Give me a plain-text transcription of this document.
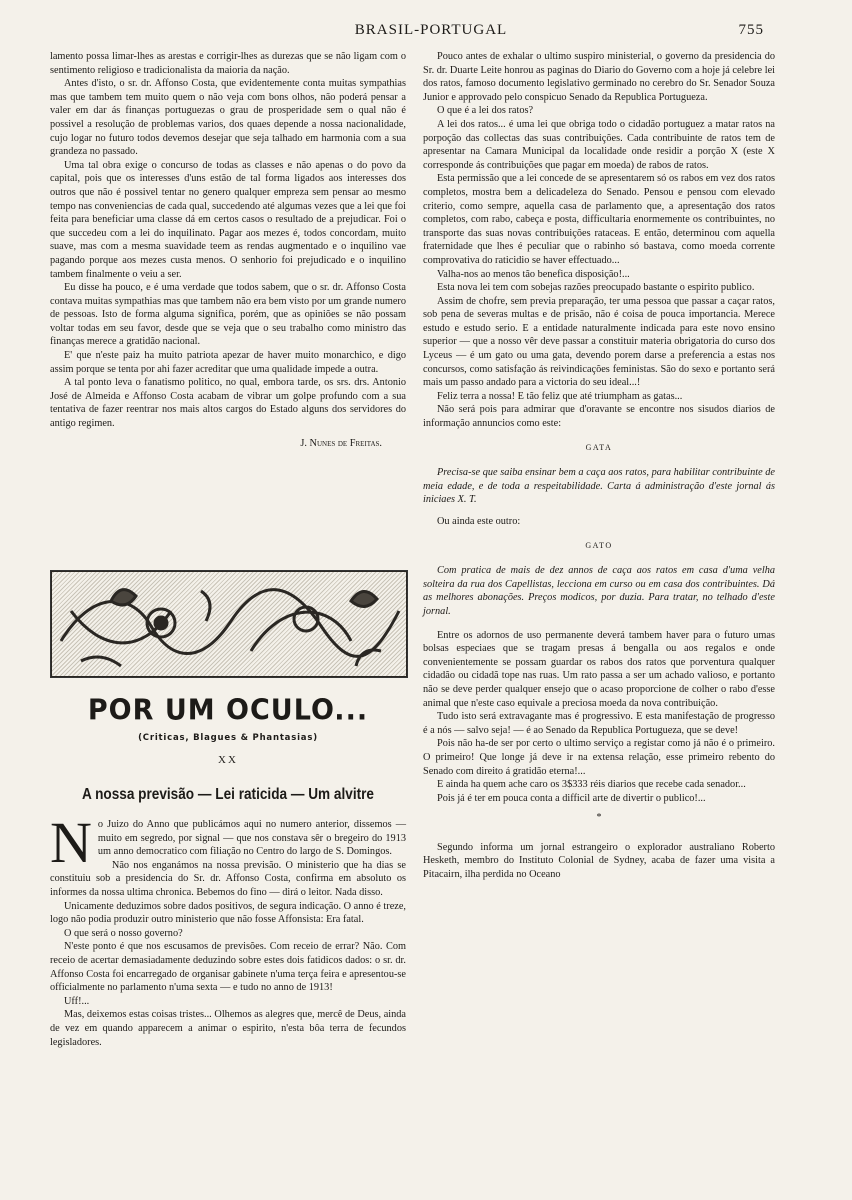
BRASIL-PORTUGAL	755

lamento possa limar-lhes as arestas e corrigir-lhes as durezas que se não ligam com o sentimento religioso e tradicionalista da maioria da nação.

Antes d'isto, o sr. dr. Affonso Costa, que evidentemente conta muitas sympathias mas que tambem tem muito quem o não veja com bons olhos, não poderá pensar a valer em dar ás finanças portuguezas o grau de prosperidade sem o qual não é possivel a resolução de problemas varios, dos quaes depende a nossa nacionalidade, cujo logar no futuro todos devemos desejar que seja talhado em harmonia com a sua grandeza no passado.

Uma tal obra exige o concurso de todas as classes e não apenas o do povo da capital, pois que os interesses d'uns estão de tal forma ligados aos interesses dos outros que não é possivel tentar no genero qualquer empreza sem pensar ao mesmo tempo nas conveniencias de cada qual, succedendo até algumas vezes que a lei que foi feita para beneficiar uma classe dá em certos casos o resultado de a prejudicar. Foi o que succedeu com a lei do inquilinato. Pagar aos mezes é, todos concordam, muito suave, mas com a mesma suavidade teem as rendas augmentado e o inquilino vae pagando porque aos mezes custa menos. O senhorio foi prejudicado e o inquilino tambem finalmente o veiu a ser.

Eu disse ha pouco, e é uma verdade que todos sabem, que o sr. dr. Affonso Costa contava muitas sympathias mas que tambem não era bem visto por um grande numero de pessoas. Isto de forma alguma significa, porém, que as opiniões se não possam voltar todas em seu favor, desde que se veja que o seu trabalho como ministro das finanças merece a gratidão nacional.

E' que n'este paiz ha muito patriota apezar de haver muito monarchico, e digo assim porque se tenta por ahi fazer acreditar que uma qualidade impede a outra.

A tal ponto leva o fanatismo politico, no qual, embora tarde, os srs. drs. Antonio José de Almeida e Affonso Costa acabam de vibrar um golpe profundo com a sua tentativa de fazer reentrar nos mais altos cargos do Estado alguns dos servidores do antigo regimen.

J. Nunes de Freitas.
POR UM OCULO...
(Criticas, Blagues & Phantasias)
XX
A nossa previsão — Lei raticida — Um alvitre

No Juizo do Anno que publicámos aqui no numero anterior, dissemos — muito em segredo, por signal — que nos constava sêr o bregeiro do 1913 um anno democratico com filiação no Centro do largo de S. Domingos.

Não nos enganámos na nossa previsão. O ministerio que ha dias se constituiu sob a presidencia do Sr. dr. Affonso Costa, confirma em absoluto os informes da nossa ultima chronica. Bebemos do fino — dirá o leitor. Nada disso.

Unicamente deduzimos sobre dados positivos, de segura indicação. O anno é treze, logo não podia produzir outro ministerio que não fosse Affonsista: Era fatal.

O que será o nosso governo?

N'este ponto é que nos escusamos de previsões. Com receio de errar? Não. Com receio de acertar demasiadamente deduzindo sobre estes dois fatidicos dados: o sr. dr. Affonso Costa foi encarregado de organisar gabinete n'uma terça feira e apresentou-se officialmente no parlamento n'uma sexta — e tudo no anno de 1913!

Uff!...

Mas, deixemos estas coisas tristes... Olhemos as alegres que, mercê de Deus, ainda de vez em quando apparecem a animar o espirito, n'esta bôa terra de fecundos legisladores.

Pouco antes de exhalar o ultimo suspiro ministerial, o governo da presidencia do Sr. dr. Duarte Leite honrou as paginas do Diario do Governo com a hoje já celebre lei dos ratos, famoso documento legislativo germinado no cerebro do Sr. Senador Souza Junior e approvado pelo conspicuo Senado da Republica Portugueza.

O que é a lei dos ratos?

A lei dos ratos... é uma lei que obriga todo o cidadão portuguez a matar ratos na porpoção das collectas das suas contribuições. Cada contribuinte de ratos tem de apresentar na Camara Municipal da localidade onde residir a porção X (este X corresponde ás contribuições que pagar em moeda) de rabos de ratos.

Esta permissão que a lei concede de se apresentarem só os rabos em vez dos ratos completos, mostra bem a delicadeleza do Senado. Pensou e pensou com elevado criterio, como sempre, aquella casa de parlamento que, a apresentação dos ratos completos, com rabo, cabeça e posta, difficultaria enormemente os contribuintes, no transporte das suas novas contribuições rataceas. E então, determinou com aquella fraternidade que lhes é peculiar que o rabinho só bastava, como moeda corrente comprovativa do raticidio se haver effectuado...

Valha-nos ao menos tão benefica disposição!...

Esta nova lei tem com sobejas razões preocupado bastante o espirito publico.

Assim de chofre, sem previa preparação, ter uma pessoa que passar a caçar ratos, sob pena de severas multas e de prisão, não é coisa de pouca importancia. Merece estudo e estudo serio. E a entidade naturalmente indicada para este novo ensino superior — que a nosso vêr deve passar a constituir materia obrigatoria do curso dos Lyceus — é um gato ou uma gata, devendo porem darse a preferencia a estas nos concursos, como satisfação ás reivindicações feministas. São do sexo e portanto será mais um passo andado para a victoria do seu ideal...!

Feliz terra a nossa! E tão feliz que até triumpham as gatas...

Não será pois para admirar que d'oravante se encontre nos sisudos diarios de informação annuncios como este:

GATA

Precisa-se que saiba ensinar bem a caça aos ratos, para habilitar contribuinte de meia edade, e de toda a respeitabilidade. Carta á administração d'este jornal ás iniciaes X. T.

Ou ainda este outro:

GATO

Com pratica de mais de dez annos de caça aos ratos em casa d'uma velha solteira da rua dos Capellistas, lecciona em curso ou em casa dos contribuintes. Dá as melhores abonações. Preços modicos, por duzia. Para tratar, no telhado d'este jornal.

Entre os adornos de uso permanente deverá tambem haver para o futuro umas bolsas especiaes que se tragam presas á bengalla ou aos regalos e onde convenientemente se possam guardar os rabos dos ratos que porventura qualquer cidadão ou cidadã tope nas ruas. Um rato passa a ser um achado valioso, e portanto não se deve perder qualquer ensejo que o acaso proporcione de colher o rabo d'esse animal que n'este caso equivale a preciosa moeda da nova contribuição.

Tudo isto será extravagante mas é progressivo. E esta manifestação de progresso é a nós — salvo seja! — é ao Senado da Republica Portugueza, que se deve!

Pois não ha-de ser por certo o ultimo serviço a registar como já não é o primeiro. O primeiro! Que longe já deve ir na extensa relação, esse primeiro rebento do Senado com direito á gratidão eterna!...

E ainda ha quem ache caro os 3$333 réis diarios que recebe cada senador...

Pois já é ter em pouca conta a difficil arte de divertir o publico!...

*

Segundo informa um jornal estrangeiro o explorador australiano Roberto Hesketh, membro do Instituto Colonial de Sydney, acaba de fazer uma visita a Pitacairn, ilha perdida no Oceano
